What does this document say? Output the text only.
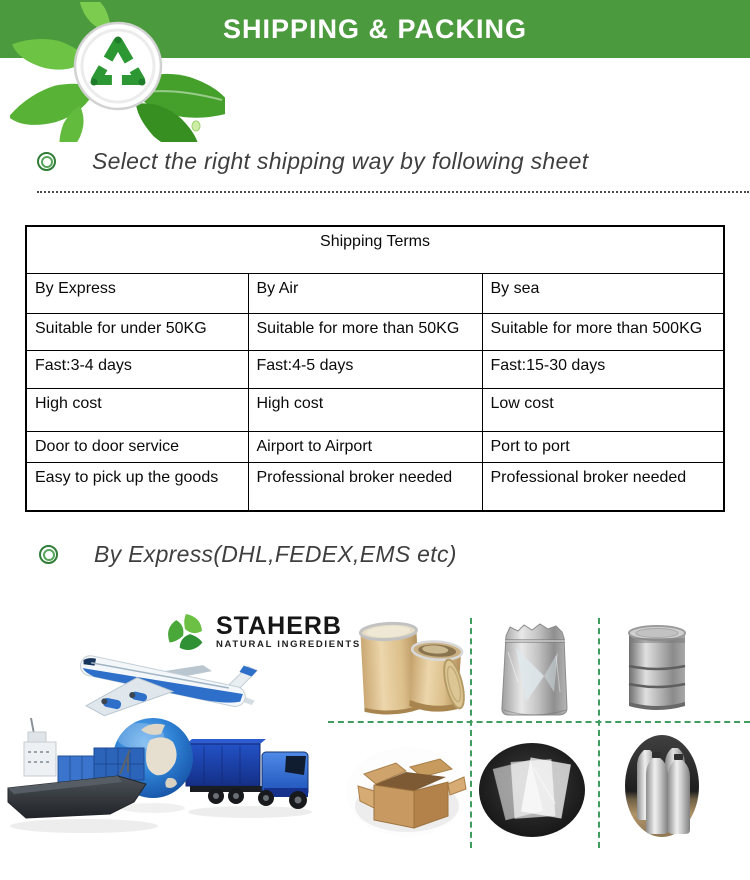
SHIPPING & PACKING
Select the right shipping way by following sheet
Shipping Terms		
By Express	By Air	By sea
Suitable for under 50KG	Suitable for more than 50KG	Suitable for more than 500KG
Fast:3-4 days	Fast:4-5 days	Fast:15-30 days
High cost	High cost	Low cost
Door to door service	Airport to Airport	Port to port
Easy to pick up the goods	Professional broker needed	Professional broker needed
By Express(DHL,FEDEX,EMS etc)
STAHERB
NATURAL INGREDIENTS
